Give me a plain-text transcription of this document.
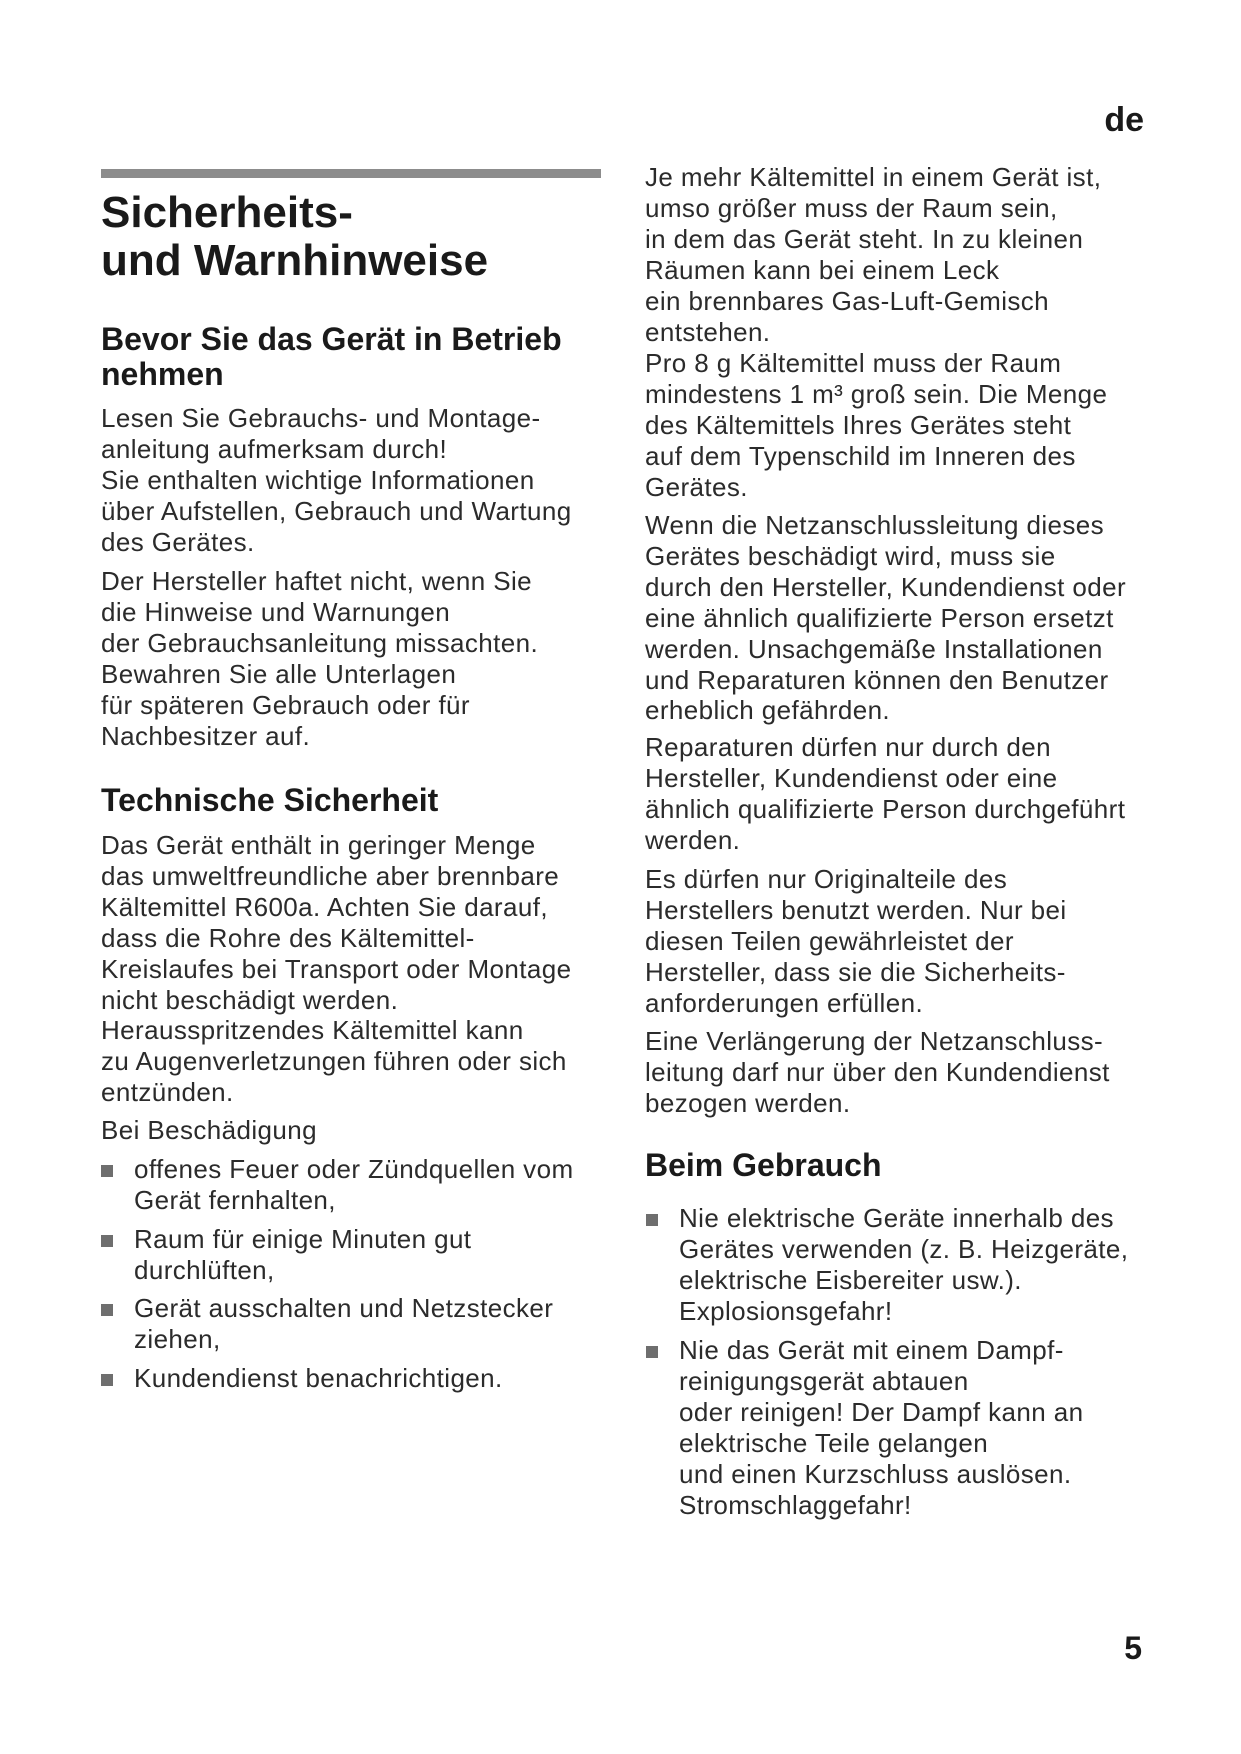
de
Sicherheits-
und Warnhinweise
Bevor Sie das Gerät in Betrieb
nehmen
Lesen Sie Gebrauchs- und Montage-
anleitung aufmerksam durch!
Sie enthalten wichtige Informationen
über Aufstellen, Gebrauch und Wartung
des Gerätes.
Der Hersteller haftet nicht, wenn Sie
die Hinweise und Warnungen
der Gebrauchsanleitung missachten.
Bewahren Sie alle Unterlagen
für späteren Gebrauch oder für
Nachbesitzer auf.
Technische Sicherheit
Das Gerät enthält in geringer Menge
das umweltfreundliche aber brennbare
Kältemittel R600a. Achten Sie darauf,
dass die Rohre des Kältemittel-
Kreislaufes bei Transport oder Montage
nicht beschädigt werden.
Herausspritzendes Kältemittel kann
zu Augenverletzungen führen oder sich
entzünden.
Bei Beschädigung
offenes Feuer oder Zündquellen vom
Gerät fernhalten,
Raum für einige Minuten gut
durchlüften,
Gerät ausschalten und Netzstecker
ziehen,
Kundendienst benachrichtigen.
Je mehr Kältemittel in einem Gerät ist,
umso größer muss der Raum sein,
in dem das Gerät steht. In zu kleinen
Räumen kann bei einem Leck
ein brennbares Gas-Luft-Gemisch
entstehen.
Pro 8 g Kältemittel muss der Raum
mindestens 1 m³ groß sein. Die Menge
des Kältemittels Ihres Gerätes steht
auf dem Typenschild im Inneren des
Gerätes.
Wenn die Netzanschlussleitung dieses
Gerätes beschädigt wird, muss sie
durch den Hersteller, Kundendienst oder
eine ähnlich qualifizierte Person ersetzt
werden. Unsachgemäße Installationen
und Reparaturen können den Benutzer
erheblich gefährden.
Reparaturen dürfen nur durch den
Hersteller, Kundendienst oder eine
ähnlich qualifizierte Person durchgeführt
werden.
Es dürfen nur Originalteile des
Herstellers benutzt werden. Nur bei
diesen Teilen gewährleistet der
Hersteller, dass sie die Sicherheits-
anforderungen erfüllen.
Eine Verlängerung der Netzanschluss-
leitung darf nur über den Kundendienst
bezogen werden.
Beim Gebrauch
Nie elektrische Geräte innerhalb des
Gerätes verwenden (z. B. Heizgeräte,
elektrische Eisbereiter usw.).
Explosionsgefahr!
Nie das Gerät mit einem Dampf-
reinigungsgerät abtauen
oder reinigen! Der Dampf kann an
elektrische Teile gelangen
und einen Kurzschluss auslösen.
Stromschlaggefahr!
5
